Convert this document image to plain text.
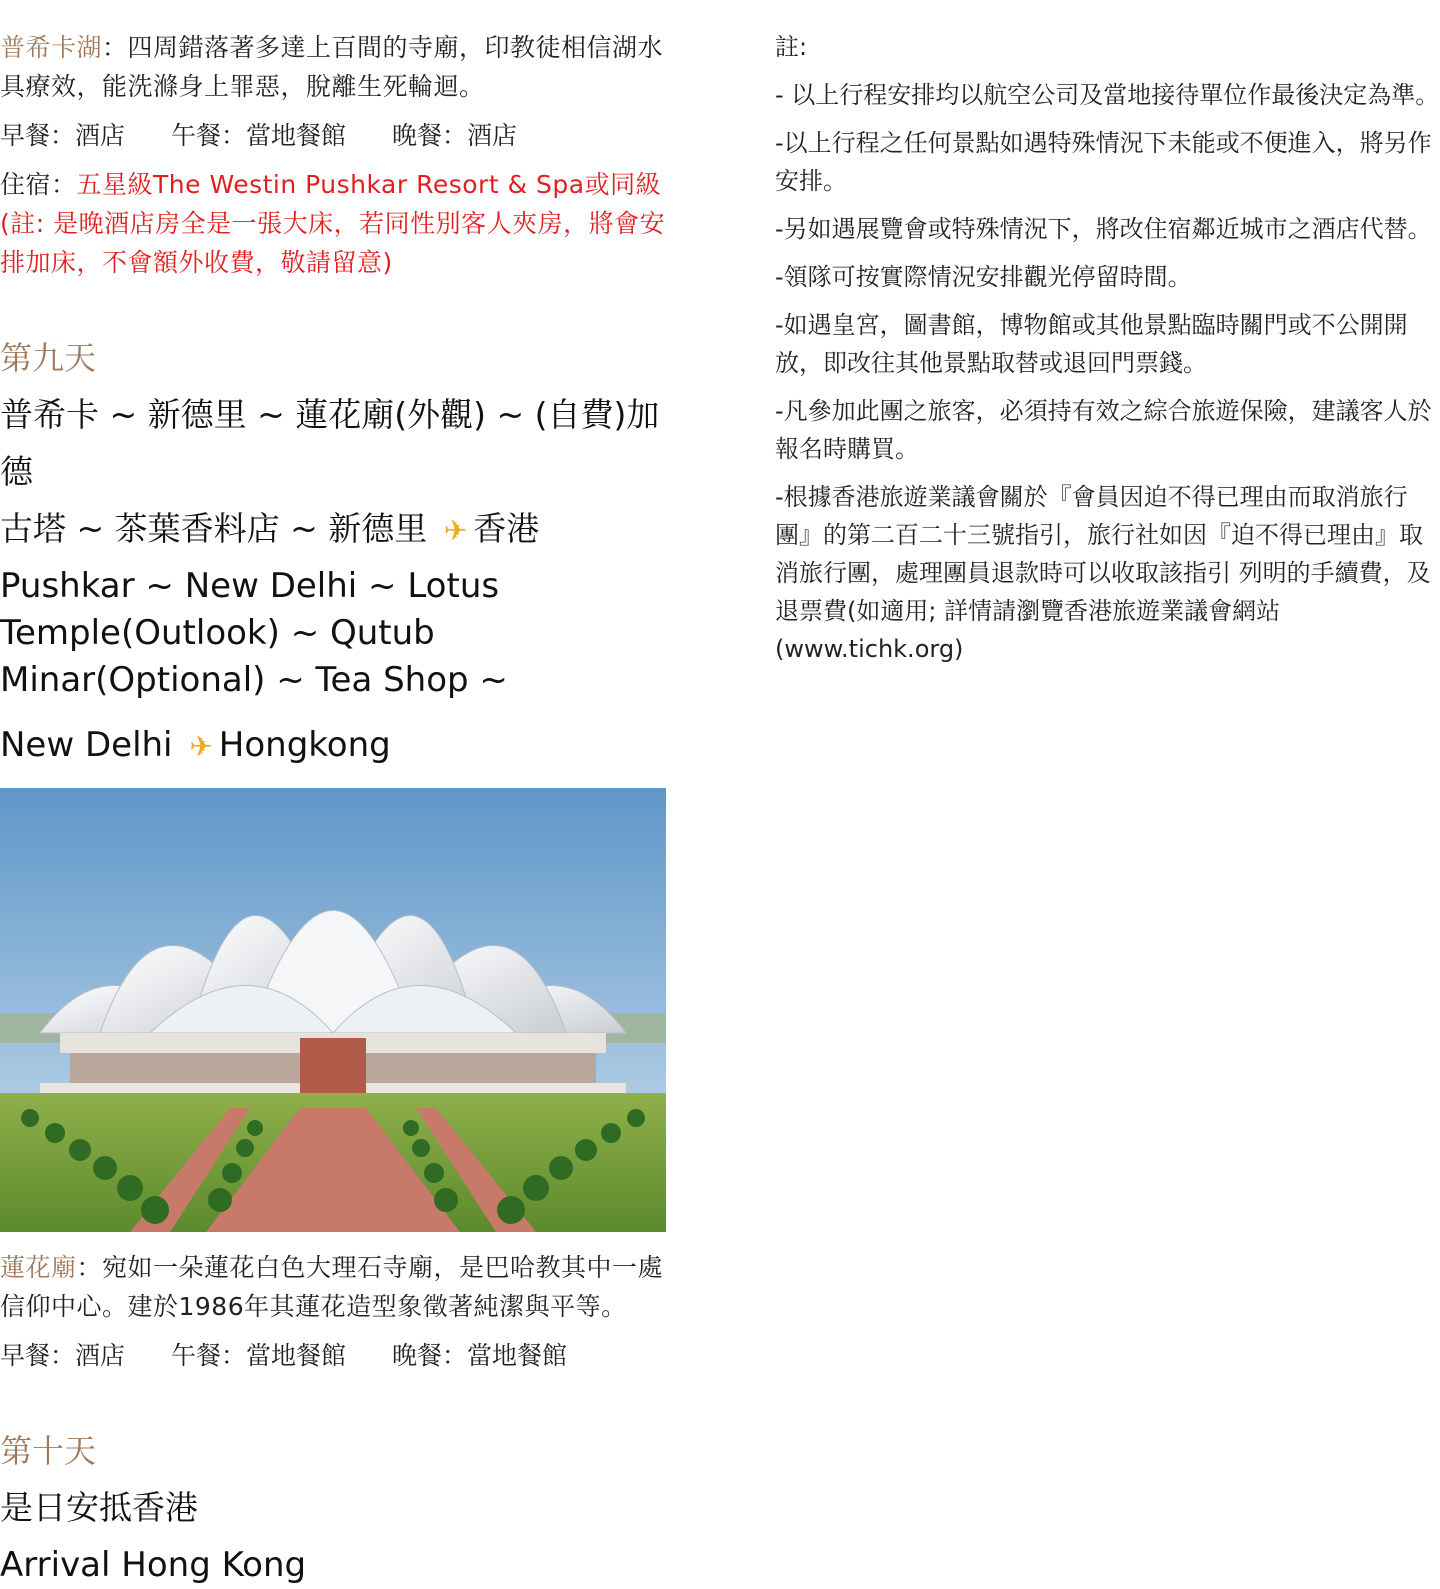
普希卡湖：四周錯落著多達上百間的寺廟，印教徒相信湖水具療效，能洗滌身上罪惡，脫離生死輪迴。

早餐：酒店 午餐：當地餐館 晚餐：酒店

住宿：五星級The Westin Pushkar Resort & Spa或同級 (註: 是晚酒店房全是一張大床，若同性別客人夾房，將會安排加床，不會額外收費，敬請留意)

第九天

普希卡 ~ 新德里 ~ 蓮花廟(外觀) ~ (自費)加德

古塔 ~ 茶葉香料店 ~ 新德里 ✈ 香港

Pushkar ~ New Delhi ~ Lotus

Temple(Outlook) ~ Qutub

Minar(Optional) ~ Tea Shop ~

New Delhi ✈ Hongkong

蓮花廟：宛如一朵蓮花白色大理石寺廟，是巴哈教其中一處信仰中心。建於1986年其蓮花造型象徵著純潔與平等。

早餐：酒店 午餐：當地餐館 晚餐：當地餐館
第十天

是日安抵香港

Arrival Hong Kong

註:

- 以上行程安排均以航空公司及當地接待單位作最後決定為準。

-以上行程之任何景點如遇特殊情況下未能或不便進入，將另作安排。

-另如遇展覽會或特殊情況下，將改住宿鄰近城市之酒店代替。

-領隊可按實際情況安排觀光停留時間。

-如遇皇宮，圖書館，博物館或其他景點臨時關門或不公開開放，即改往其他景點取替或退回門票錢。

-凡參加此團之旅客，必須持有效之綜合旅遊保險，建議客人於報名時購買。

-根據香港旅遊業議會關於『會員因迫不得已理由而取消旅行團』的第二百二十三號指引，旅行社如因『迫不得已理由』取消旅行團，處理團員退款時可以收取該指引 列明的手續費，及退票費(如適用; 詳情請瀏覽香港旅遊業議會網站(www.tichk.org)
